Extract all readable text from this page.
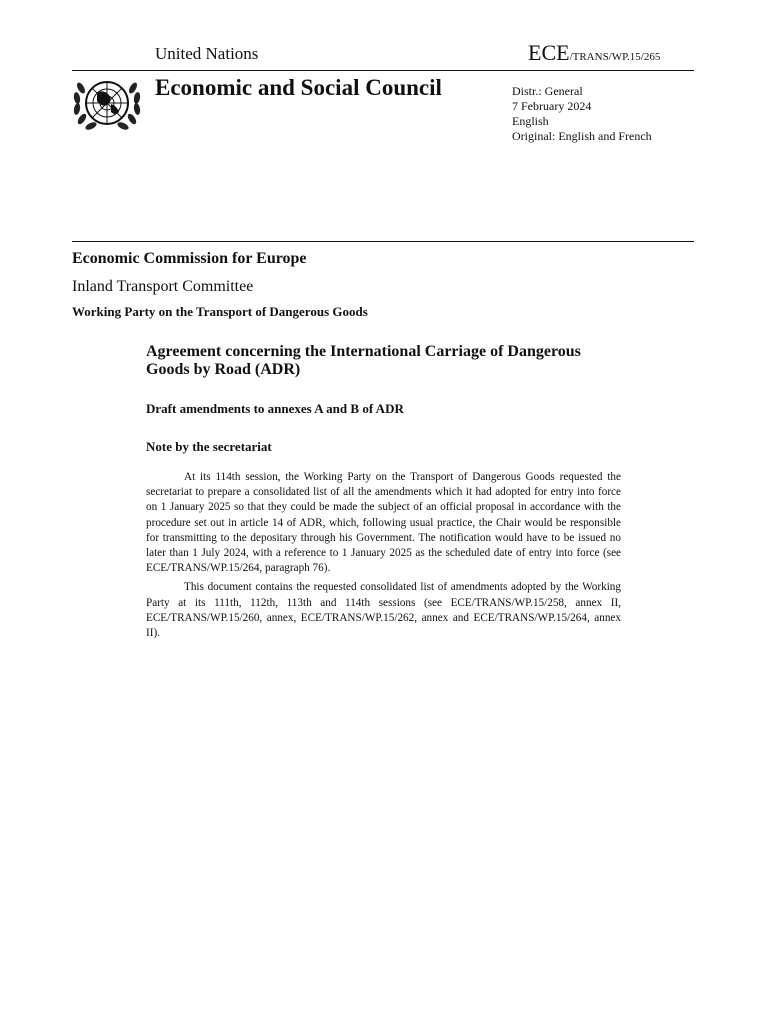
United Nations	ECE/TRANS/WP.15/265
Economic and Social Council	Distr.: General
7 February 2024
English
Original: English and French
Economic Commission for Europe
Inland Transport Committee
Working Party on the Transport of Dangerous Goods
Agreement concerning the International Carriage of Dangerous Goods by Road (ADR)
Draft amendments to annexes A and B of ADR
Note by the secretariat

At its 114th session, the Working Party on the Transport of Dangerous Goods requested the secretariat to prepare a consolidated list of all the amendments which it had adopted for entry into force on 1 January 2025 so that they could be made the subject of an official proposal in accordance with the procedure set out in article 14 of ADR, which, following usual practice, the Chair would be responsible for transmitting to the depositary through his Government. The notification would have to be issued no later than 1 July 2024, with a reference to 1 January 2025 as the scheduled date of entry into force (see ECE/TRANS/WP.15/264, paragraph 76).

This document contains the requested consolidated list of amendments adopted by the Working Party at its 111th, 112th, 113th and 114th sessions (see ECE/TRANS/WP.15/258, annex II, ECE/TRANS/WP.15/260, annex, ECE/TRANS/WP.15/262, annex and ECE/TRANS/WP.15/264, annex II).
